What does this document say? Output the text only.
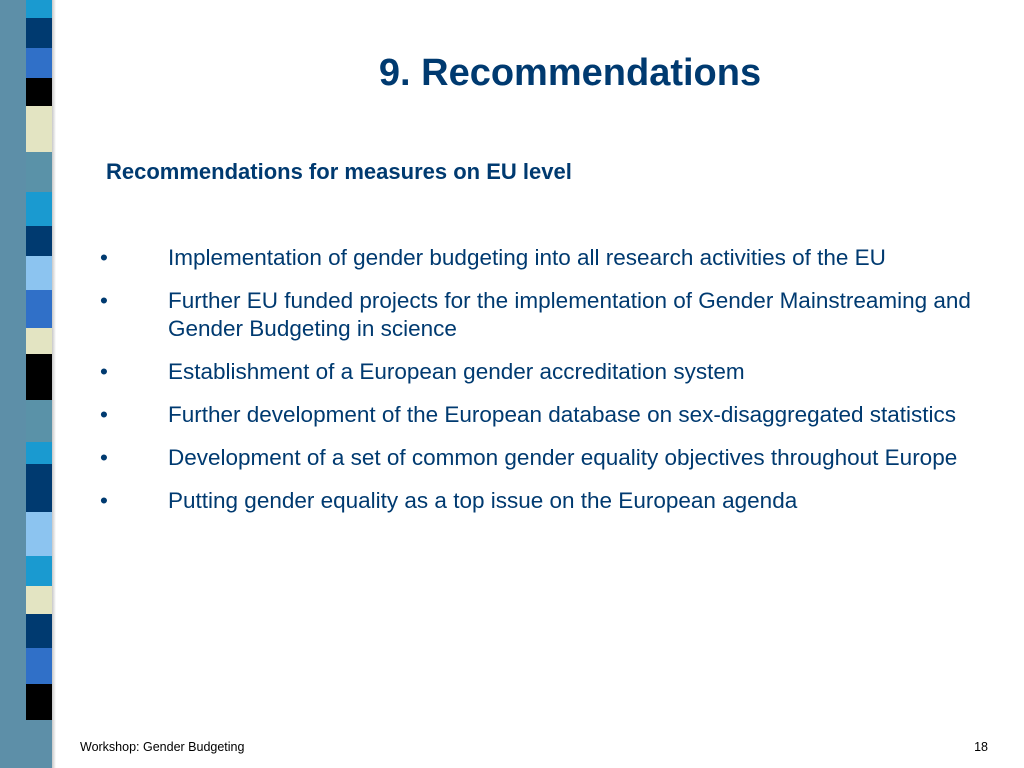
9. Recommendations
Recommendations for measures on EU level
•	Implementation of gender budgeting into all research activities of the EU
•	Further EU funded projects for the implementation of Gender Mainstreaming and Gender Budgeting in science
•	Establishment of a European gender accreditation system
•	Further development of the European database on sex-disaggregated statistics
•	Development of a set of common gender equality objectives throughout Europe
•	Putting gender equality as a top issue on the European agenda
Workshop: Gender Budgeting	18
